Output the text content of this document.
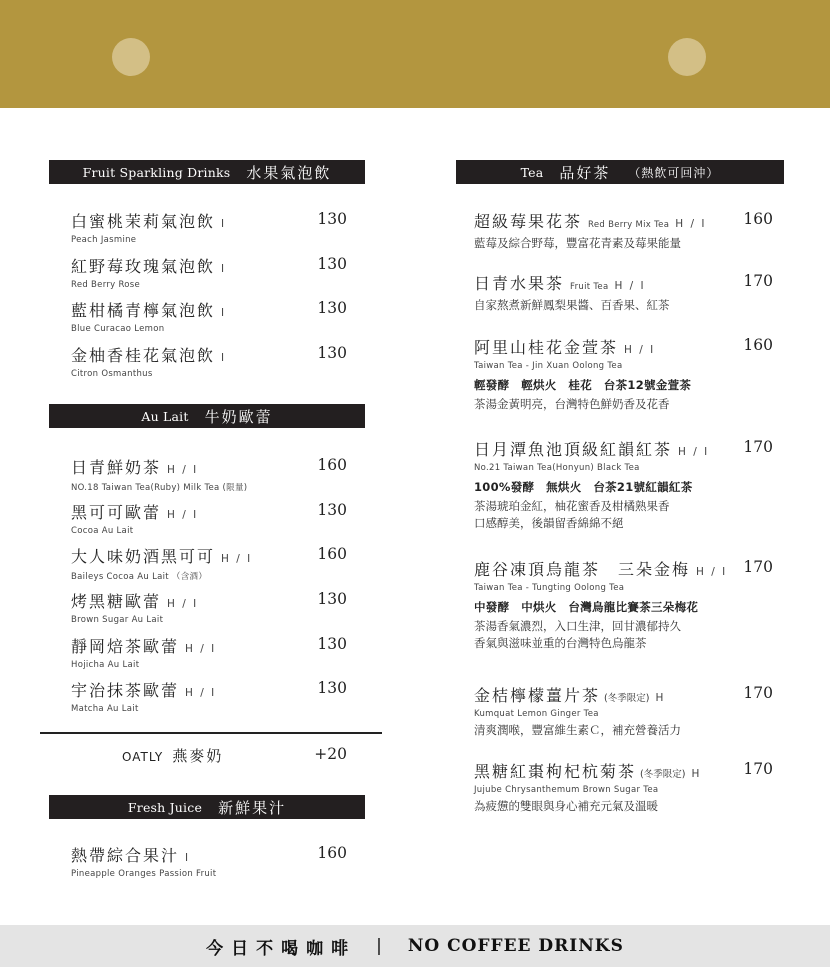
Fruit Sparkling Drinks 水果氣泡飲
白蜜桃茉莉氣泡飲 I
Peach Jasmine
130
紅野莓玫瑰氣泡飲 I
Red Berry Rose
130
藍柑橘青檸氣泡飲 I
Blue Curacao Lemon
130
金柚香桂花氣泡飲 I
Citron Osmanthus
130
Au Lait 牛奶歐蕾
日青鮮奶茶 H / I
NO.18 Taiwan Tea(Ruby) Milk Tea (限量)
160
黑可可歐蕾 H / I
Cocoa Au Lait
130
大人味奶酒黑可可 H / I
Baileys Cocoa Au Lait （含酒）
160
烤黑糖歐蕾 H / I
Brown Sugar Au Lait
130
靜岡焙茶歐蕾 H / I
Hojicha Au Lait
130
宇治抹茶歐蕾 H / I
Matcha Au Lait
130
OATLY 燕麥奶	+20
Fresh Juice 新鮮果汁
熱帶綜合果汁 I
Pineapple Oranges Passion Fruit
160
Tea 品好茶 （熱飲可回沖）
超級莓果花茶 Red Berry Mix Tea H / I
藍莓及綜合野莓，豐富花青素及莓果能量
160
日青水果茶 Fruit Tea H / I
自家熬煮新鮮鳳梨果醬、百香果、紅茶
170
阿里山桂花金萱茶 H / I
Taiwan Tea - Jin Xuan Oolong Tea
輕發酵　輕烘火　桂花　台茶12號金萱茶
茶湯金黃明亮，台灣特色鮮奶香及花香
160
日月潭魚池頂級紅韻紅茶 H / I
No.21 Taiwan Tea(Honyun) Black Tea
100%發酵　無烘火　台茶21號紅韻紅茶
茶湯琥珀金紅，柚花蜜香及柑橘熟果香
口感醇美，後韻留香綿綿不絕
170
鹿谷凍頂烏龍茶　三朵金梅 H / I
Taiwan Tea - Tungting Oolong Tea
中發酵　中烘火　台灣烏龍比賽茶三朵梅花
茶湯香氣濃烈，入口生津，回甘濃郁持久
香氣與滋味並重的台灣特色烏龍茶
170
金桔檸檬薑片茶 (冬季限定) H
Kumquat Lemon Ginger Tea
清爽潤喉，豐富維生素Ｃ，補充營養活力
170
黑糖紅棗枸杞杭菊茶 (冬季限定) H
Jujube Chrysanthemum Brown Sugar Tea
為疲憊的雙眼與身心補充元氣及溫暖
170
今日不喝咖啡 | NO COFFEE DRINKS
